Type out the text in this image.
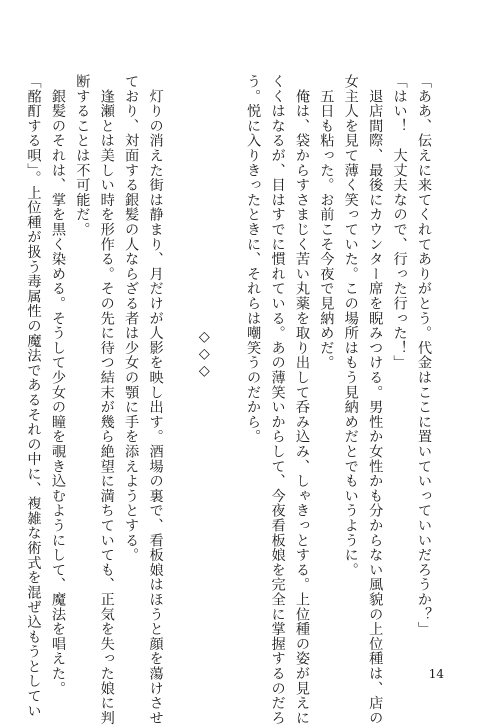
「ああ、伝えに来てくれてありがとう。代金はここに置いていっていいだろうか？」
「はい！　大丈夫なので、行った行った！」
　退店間際、最後にカウンター席を睨みつける。男性か女性かも分からない風貌の上位種は、店の
女主人を見て薄く笑っていた。この場所はもう見納めだとでもいうように。
　五日も粘った。お前こそ今夜で見納めだ。
　俺は、袋からすさまじく苦い丸薬を取り出して呑み込み、しゃきっとする。上位種の姿が見えに
くくはなるが、目はすでに慣れている。あの薄笑いからして、今夜看板娘を完全に掌握するのだろ
う。悦に入りきったときに、それらは嘲笑うのだから。
◇◇◇
　灯りの消えた街は静まり、月だけが人影を映し出す。酒場の裏で、看板娘はほうと顔を蕩けさせ
ており、対面する銀髪の人ならざる者は少女の顎に手を添えようとする。
　逢瀬とは美しい時を形作る。その先に待つ結末が幾ら絶望に満ちていても、正気を失った娘に判
断することは不可能だ。
　銀髪のそれは、掌を黒く染める。そうして少女の瞳を覗き込むようにして、魔法を唱えた。
「酩酊する唄」。上位種が扱う毒属性の魔法であるそれの中に、複雑な術式を混ぜ込もうとしてい	14
